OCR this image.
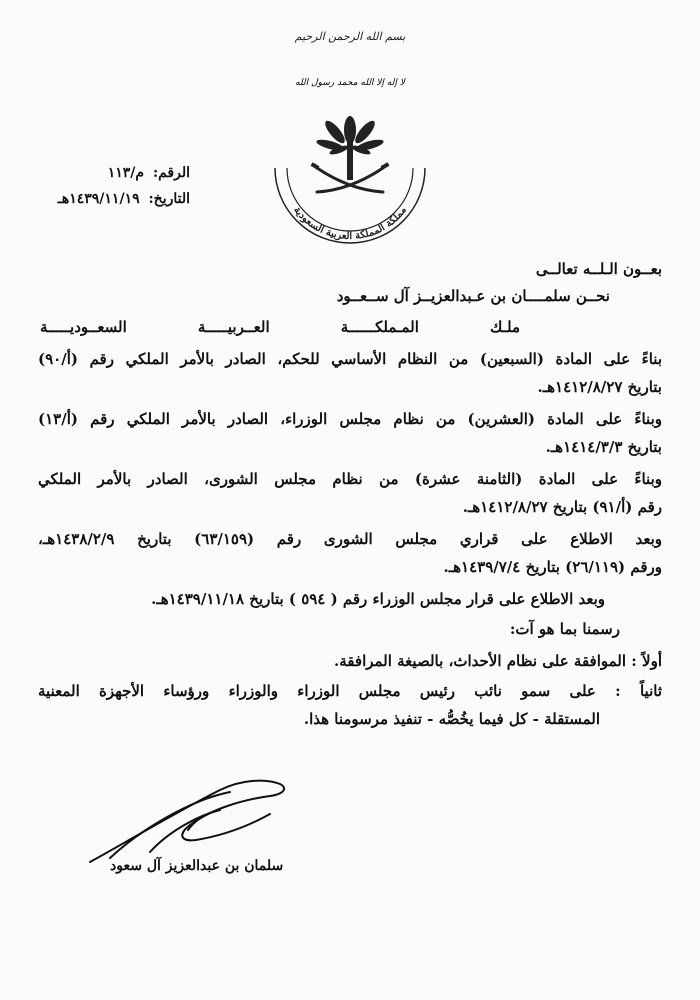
بسم الله الرحمن الرحيم
لا إله إلا الله محمد رسول الله
مملكة المملكة العربية السعودية
الرقم: م/١١٣
التاريخ: ١٤٣٩/١١/١٩هـ
بعــون الـلــه تعالــى
نحــن سلمــــان بن عـبدالعزيــز آل ســعــود
ملـك المـملكــــــة العــربيـــــة السعــوديـــــة
بناءً على المادة (السبعين) من النظام الأساسي للحكم، الصادر بالأمر الملكي رقم (أ/٩٠)
بتاريخ ١٤١٢/٨/٢٧هـ.
وبناءً على المادة (العشرين) من نظام مجلس الوزراء، الصادر بالأمر الملكي رقم (أ/١٣)
بتاريخ ١٤١٤/٣/٣هـ.
وبناءً على المادة (الثامنة عشرة) من نظام مجلس الشورى، الصادر بالأمر الملكي
رقم (أ/٩١) بتاريخ ١٤١٢/٨/٢٧هـ.
وبعد الاطلاع على قراري مجلس الشورى رقم (٦٣/١٥٩) بتاريخ ١٤٣٨/٢/٩هـ،
ورقم (٢٦/١١٩) بتاريخ ١٤٣٩/٧/٤هـ.
وبعد الاطلاع على قرار مجلس الوزراء رقم ( ٥٩٤ ) بتاريخ ١٤٣٩/١١/١٨هـ.
رسمنا بما هو آت:
أولاً : الموافقة على نظام الأحداث، بالصيغة المرافقة.
ثانياً : على سمو نائب رئيس مجلس الوزراء والوزراء ورؤساء الأجهزة المعنية
المستقلة - كل فيما يخُصُّه - تنفيذ مرسومنا هذا.
سلمان بن عبدالعزيز آل سعود
